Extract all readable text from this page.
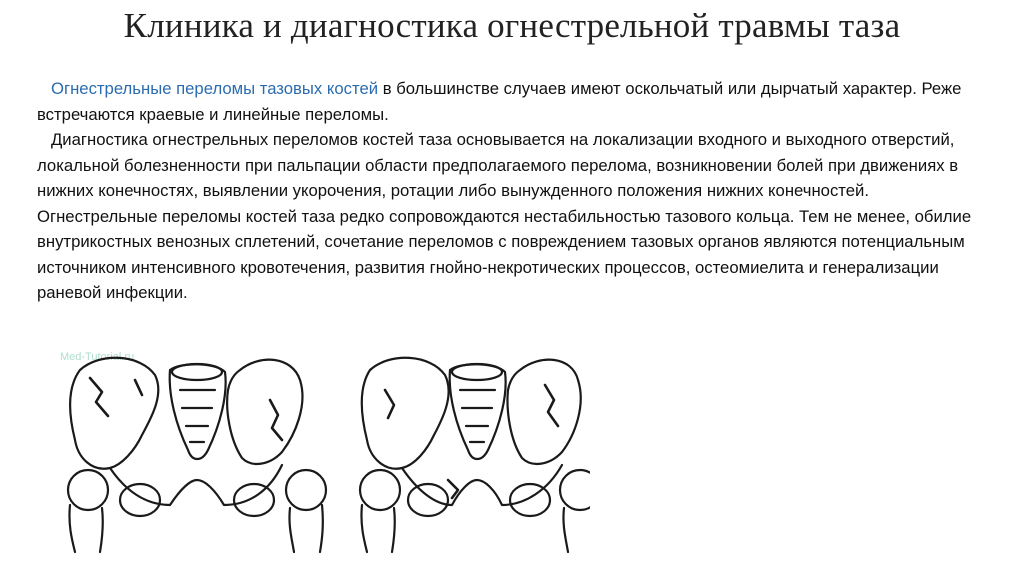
Клиника и диагностика огнестрельной травмы таза

Огнестрельные переломы тазовых костей в большинстве случаев имеют оскольчатый или дырчатый характер. Реже встречаются краевые и линейные переломы.

Диагностика огнестрельных переломов костей таза основывается на локализации входного и выходного отверстий, локальной болезненности при пальпации области предполагаемого перелома, возникновении болей при движениях в нижних конечностях, выявлении укорочения, ротации либо вынужденного положения нижних конечностей. Огнестрельные переломы костей таза редко сопровождаются нестабильностью тазового кольца. Тем не менее, обилие внутрикостных венозных сплетений, сочетание переломов с повреждением тазовых органов являются потенциальным источником интенсивного кровотечения, развития гнойно-некротических процессов, остеомиелита и генерализации раневой инфекции.

Med-Tutorial.ru
